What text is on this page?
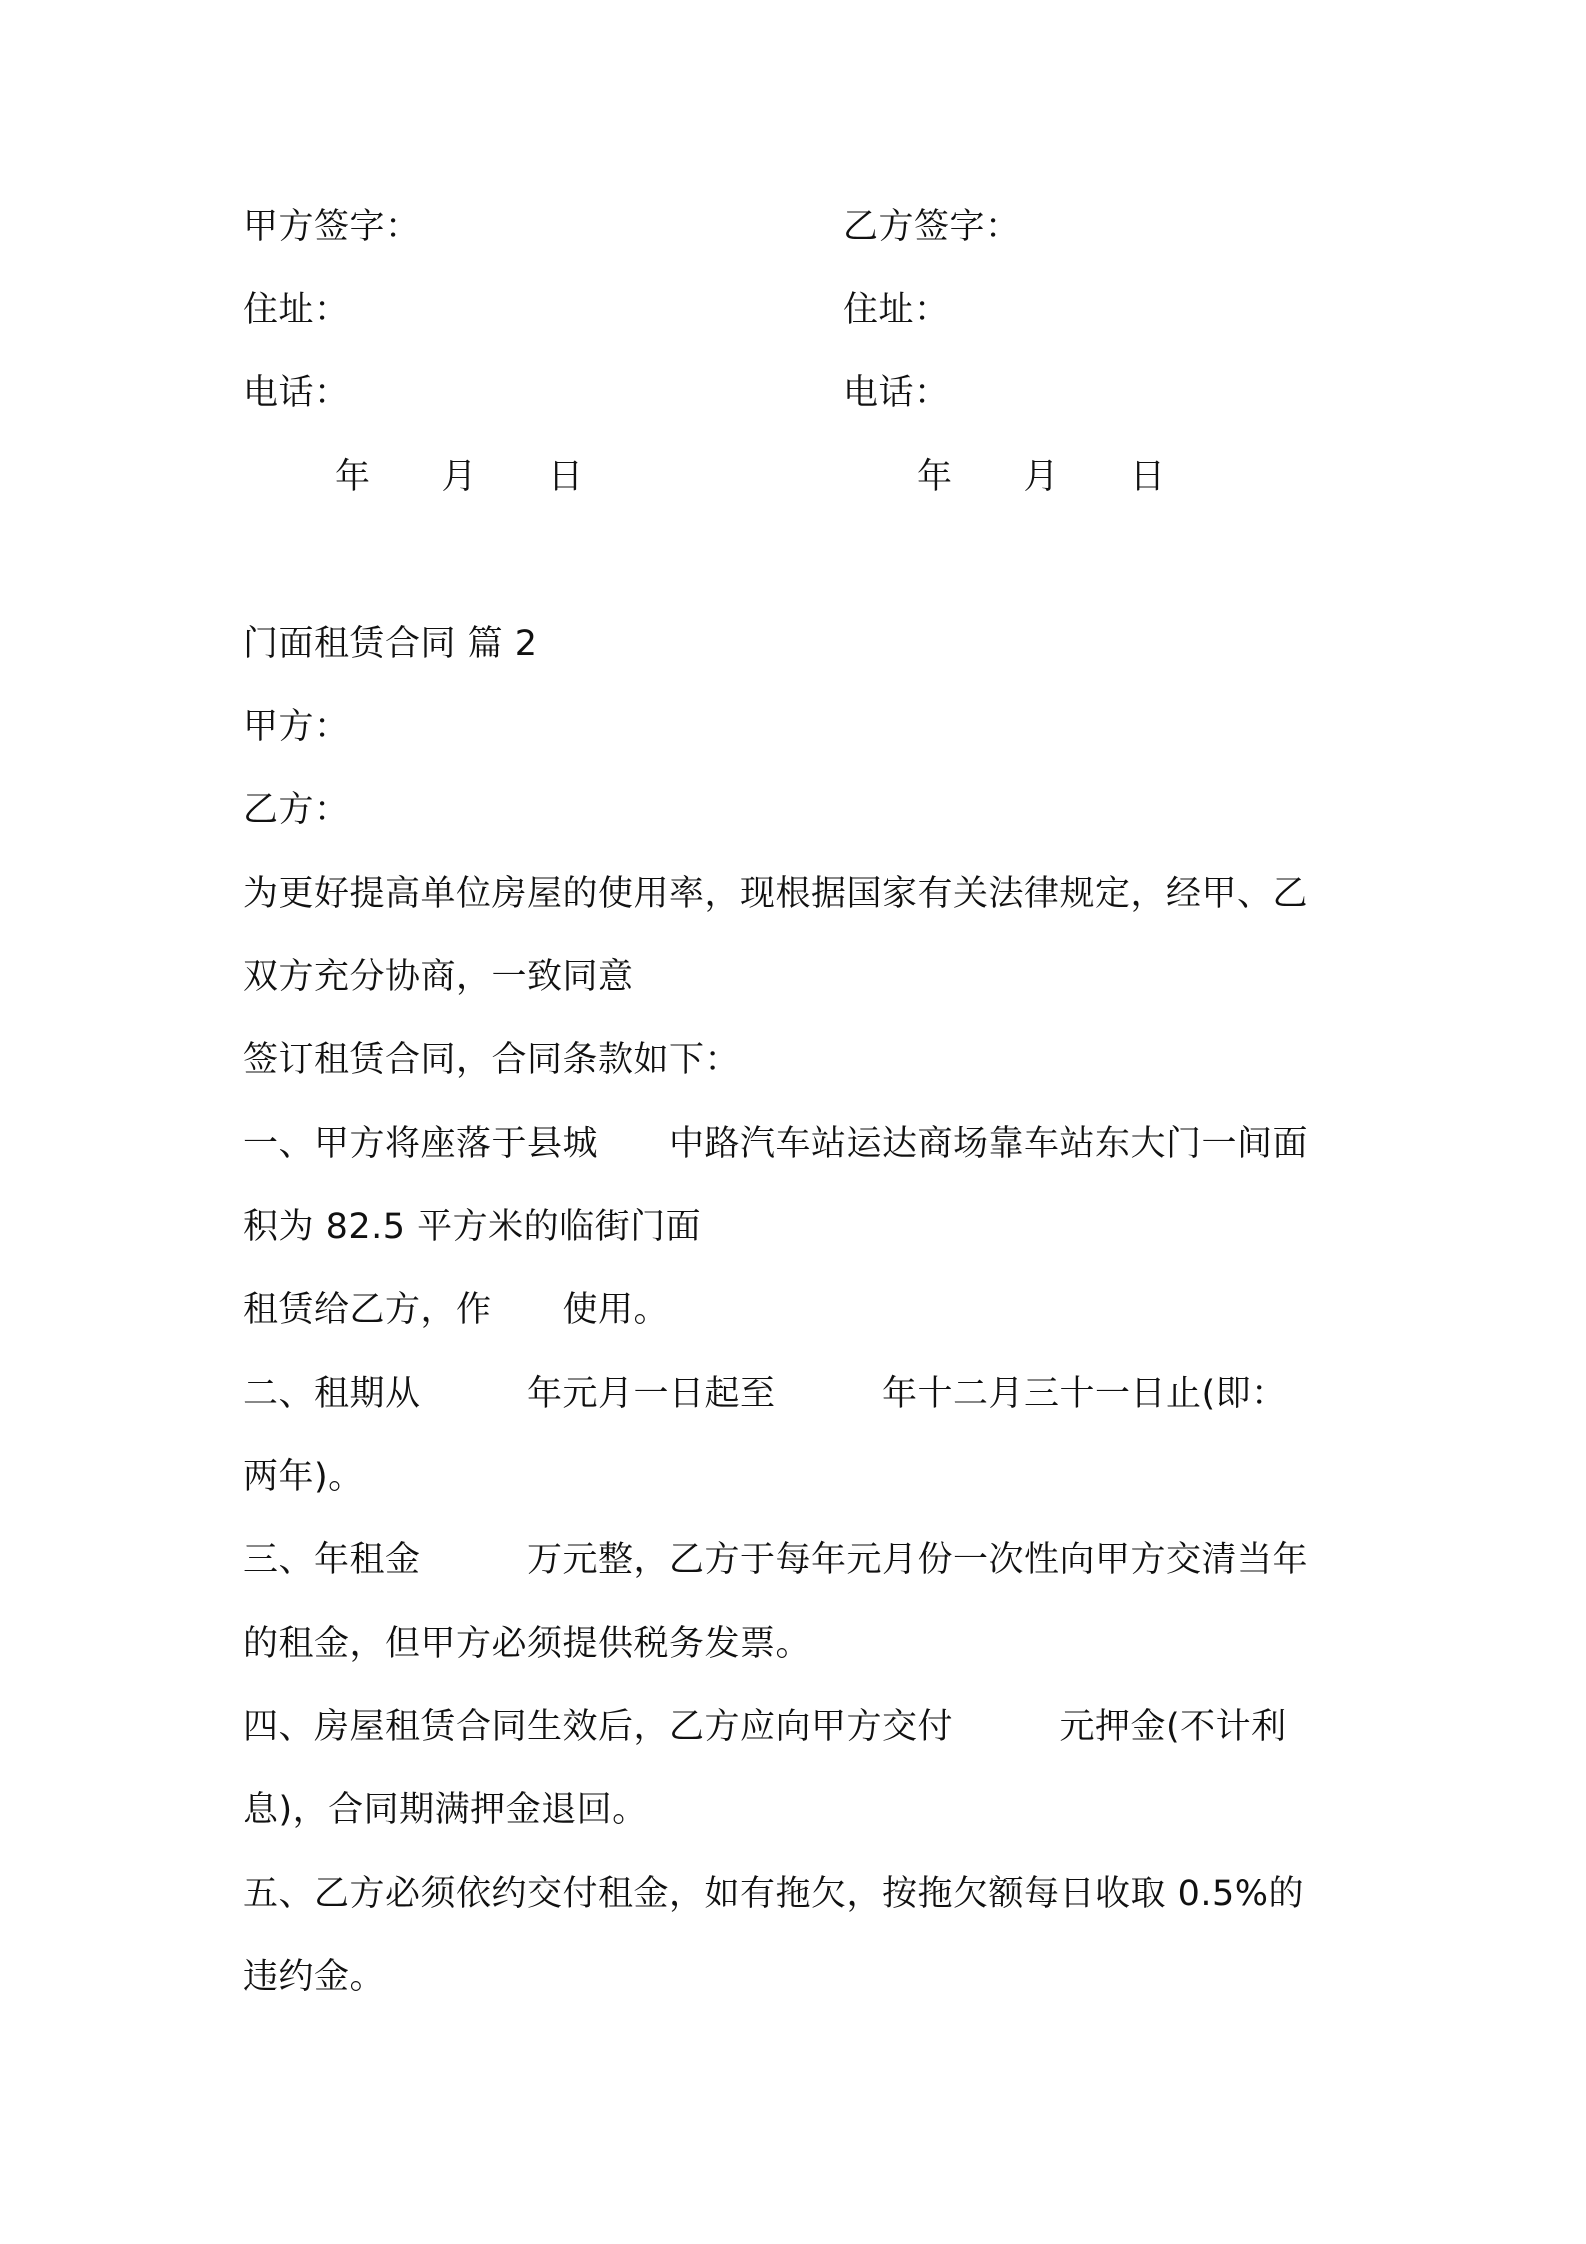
甲方签字：	乙方签字：
住址：	住址：
电话：	电话：
年　　月　　日	年　　月　　日
门面租赁合同 篇 2
甲方：
乙方：
为更好提高单位房屋的使用率，现根据国家有关法律规定，经甲、乙
双方充分协商，一致同意
签订租赁合同，合同条款如下：
一、甲方将座落于县城　　中路汽车站运达商场靠车站东大门一间面
积为 82.5 平方米的临街门面
租赁给乙方，作　　使用。
二、租期从　　　年元月一日起至　　　年十二月三十一日止(即：
两年)。
三、年租金　　　万元整，乙方于每年元月份一次性向甲方交清当年
的租金，但甲方必须提供税务发票。
四、房屋租赁合同生效后，乙方应向甲方交付　　　元押金(不计利
息)，合同期满押金退回。
五、乙方必须依约交付租金，如有拖欠，按拖欠额每日收取 0.5%的
违约金。
